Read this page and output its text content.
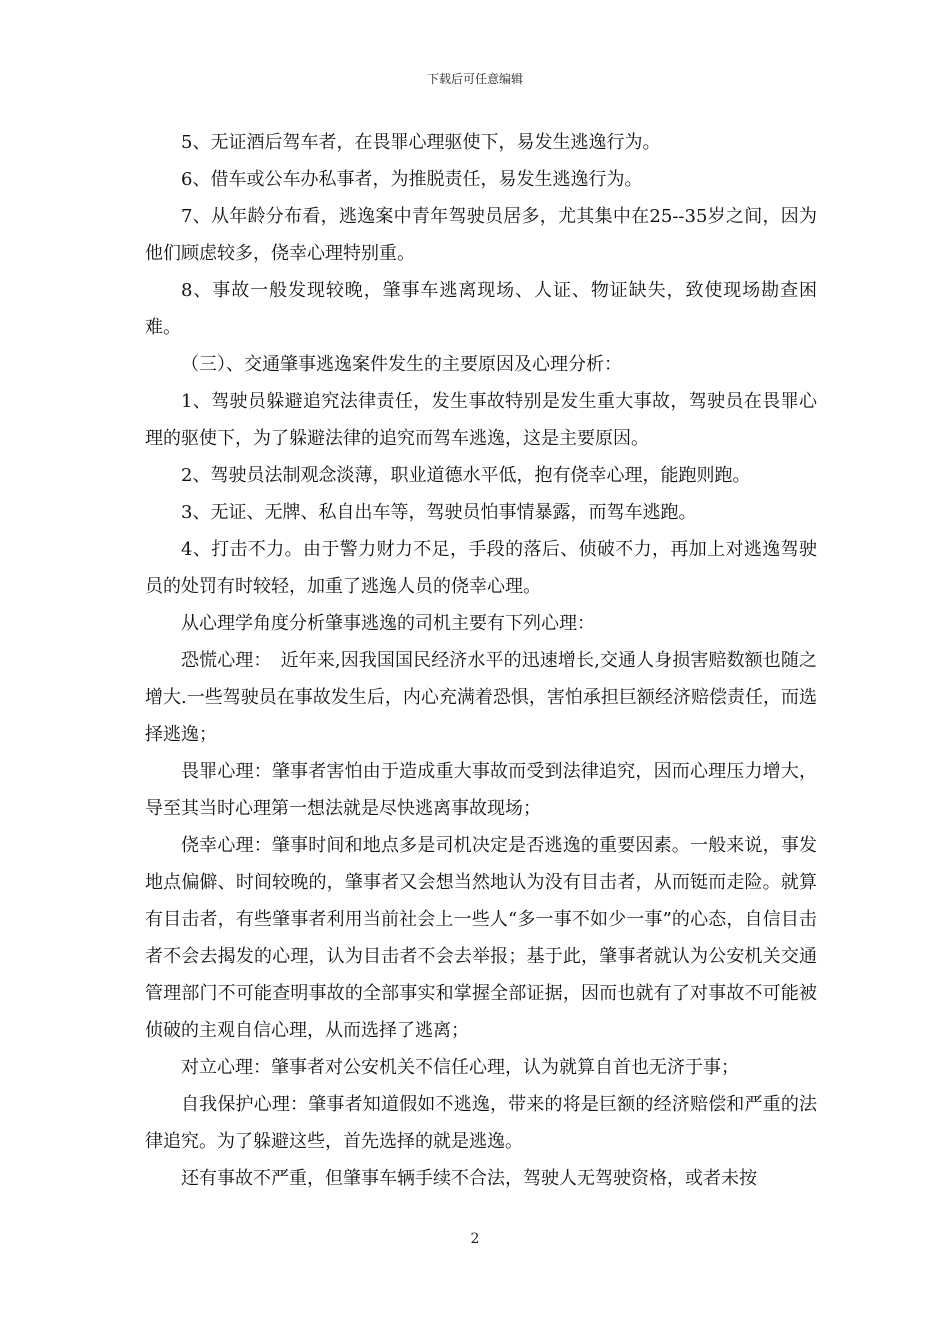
下载后可任意编辑

5、无证酒后驾车者，在畏罪心理驱使下，易发生逃逸行为。

6、借车或公车办私事者，为推脱责任，易发生逃逸行为。

7、从年龄分布看，逃逸案中青年驾驶员居多，尤其集中在25--35岁之间，因为他们顾虑较多，侥幸心理特别重。

8、事故一般发现较晚，肇事车逃离现场、人证、物证缺失，致使现场勘查困难。

（三）、交通肇事逃逸案件发生的主要原因及心理分析：

1、驾驶员躲避追究法律责任，发生事故特别是发生重大事故，驾驶员在畏罪心理的驱使下，为了躲避法律的追究而驾车逃逸，这是主要原因。

2、驾驶员法制观念淡薄，职业道德水平低，抱有侥幸心理，能跑则跑。

3、无证、无牌、私自出车等，驾驶员怕事情暴露，而驾车逃跑。

4、打击不力。由于警力财力不足，手段的落后、侦破不力，再加上对逃逸驾驶员的处罚有时较轻，加重了逃逸人员的侥幸心理。

从心理学角度分析肇事逃逸的司机主要有下列心理：

恐慌心理：　近年来,因我国国民经济水平的迅速增长,交通人身损害赔数额也随之增大.一些驾驶员在事故发生后，内心充满着恐惧，害怕承担巨额经济赔偿责任，而选择逃逸；

畏罪心理：肇事者害怕由于造成重大事故而受到法律追究，因而心理压力增大，导至其当时心理第一想法就是尽快逃离事故现场；

侥幸心理：肇事时间和地点多是司机决定是否逃逸的重要因素。一般来说，事发地点偏僻、时间较晚的，肇事者又会想当然地认为没有目击者，从而铤而走险。就算有目击者，有些肇事者利用当前社会上一些人“多一事不如少一事”的心态，自信目击者不会去揭发的心理，认为目击者不会去举报；基于此，肇事者就认为公安机关交通管理部门不可能查明事故的全部事实和掌握全部证据，因而也就有了对事故不可能被侦破的主观自信心理，从而选择了逃离；

对立心理：肇事者对公安机关不信任心理，认为就算自首也无济于事；

自我保护心理：肇事者知道假如不逃逸，带来的将是巨额的经济赔偿和严重的法律追究。为了躲避这些，首先选择的就是逃逸。

还有事故不严重，但肇事车辆手续不合法，驾驶人无驾驶资格，或者未按

2
